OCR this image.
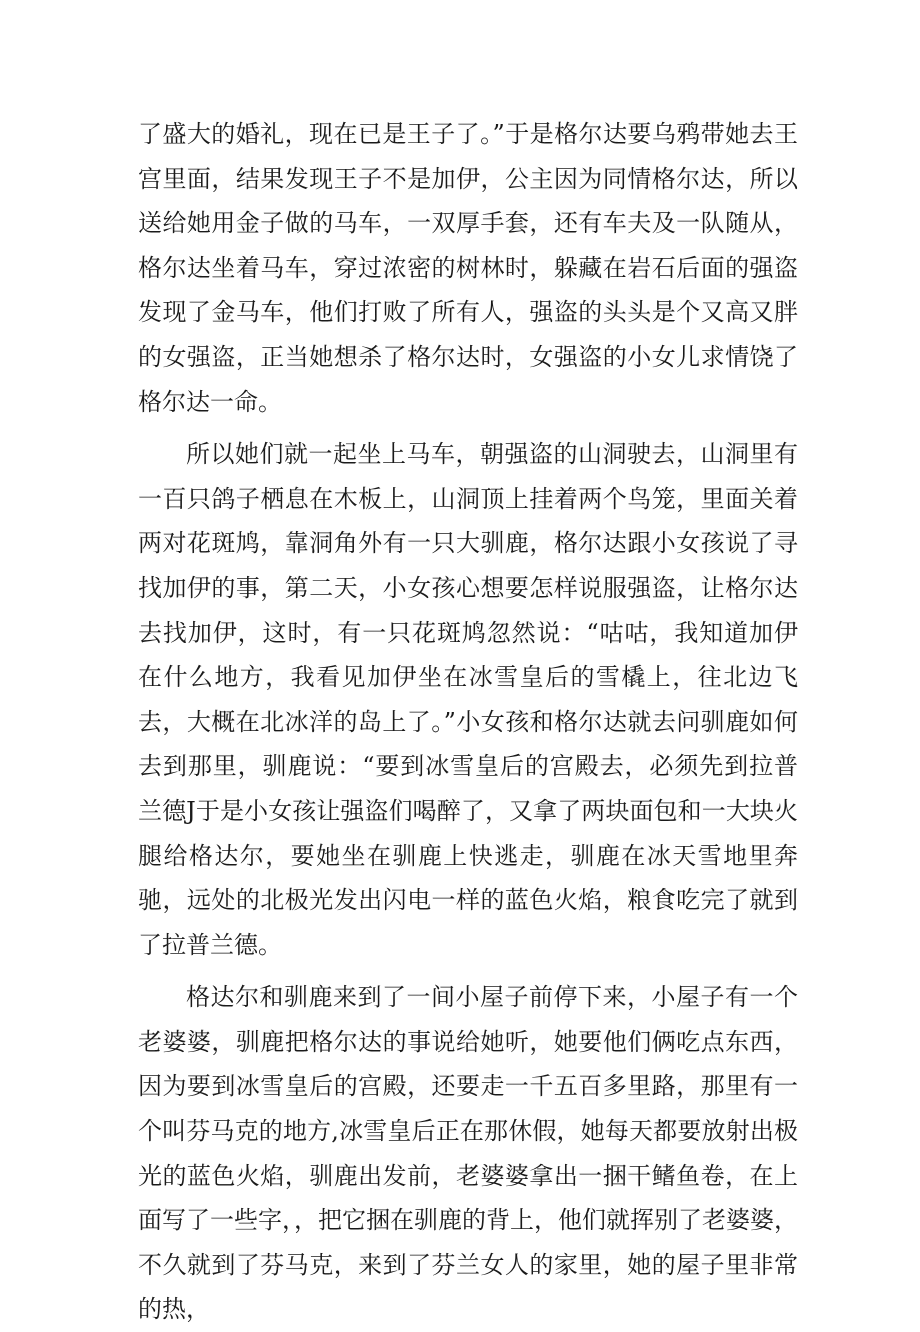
了盛大的婚礼，现在已是王子了。”于是格尔达要乌鸦带她去王宫里面，结果发现王子不是加伊，公主因为同情格尔达，所以送给她用金子做的马车，一双厚手套，还有车夫及一队随从，格尔达坐着马车，穿过浓密的树林时，躲藏在岩石后面的强盗发现了金马车，他们打败了所有人，强盗的头头是个又高又胖的女强盗，正当她想杀了格尔达时，女强盗的小女儿求情饶了格尔达一命。

所以她们就一起坐上马车，朝强盗的山洞驶去，山洞里有一百只鸽子栖息在木板上，山洞顶上挂着两个鸟笼，里面关着两对花斑鸠，靠洞角外有一只大驯鹿，格尔达跟小女孩说了寻找加伊的事，第二天，小女孩心想要怎样说服强盗，让格尔达去找加伊，这时，有一只花斑鸠忽然说：“咕咕，我知道加伊在什么地方，我看见加伊坐在冰雪皇后的雪橇上，往北边飞去，大概在北冰洋的岛上了。”小女孩和格尔达就去问驯鹿如何去到那里，驯鹿说：“要到冰雪皇后的宫殿去，必须先到拉普兰德J于是小女孩让强盗们喝醉了，又拿了两块面包和一大块火腿给格达尔，要她坐在驯鹿上快逃走，驯鹿在冰天雪地里奔驰，远处的北极光发出闪电一样的蓝色火焰，粮食吃完了就到了拉普兰德。

格达尔和驯鹿来到了一间小屋子前停下来，小屋子有一个老婆婆，驯鹿把格尔达的事说给她听，她要他们俩吃点东西，因为要到冰雪皇后的宫殿，还要走一千五百多里路，那里有一个叫芬马克的地方,冰雪皇后正在那休假，她每天都要放射出极光的蓝色火焰，驯鹿出发前，老婆婆拿出一捆干鳍鱼卷，在上面写了一些字，，把它捆在驯鹿的背上，他们就挥别了老婆婆，不久就到了芬马克，来到了芬兰女人的家里，她的屋子里非常的热，
